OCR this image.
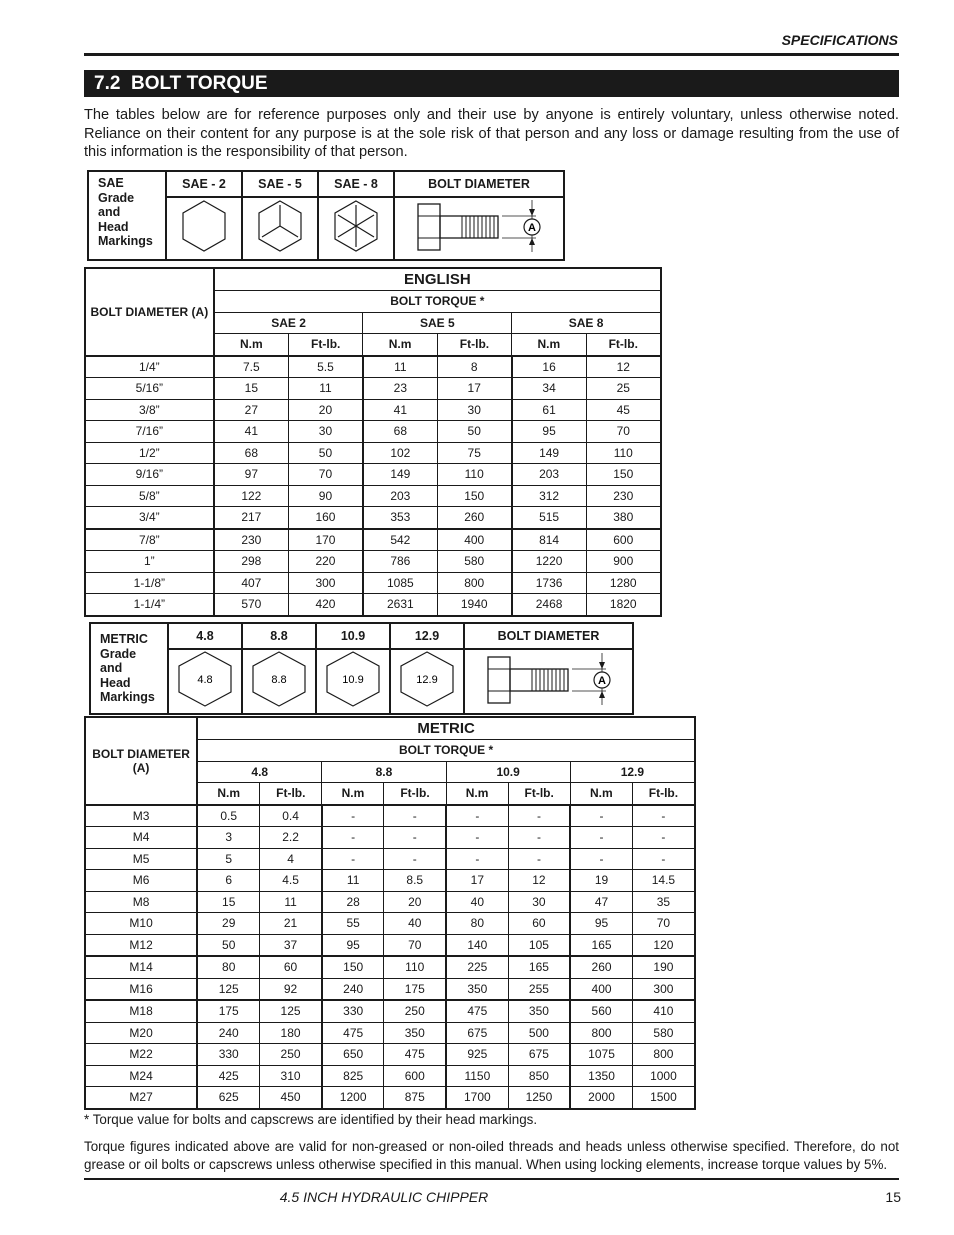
SPECIFICATIONS
7.2 BOLT TORQUE
The tables below are for reference purposes only and their use by anyone is entirely voluntary, unless otherwise noted. Reliance on their content for any purpose is at the sole risk of that person and any loss or damage resulting from the use of this information is the responsibility of that person.
SAE
Grade
and
Head
Markings	SAE - 2	SAE - 5	SAE - 8	BOLT DIAMETER

A
BOLT DIAMETER (A)	ENGLISH					
	BOLT TORQUE *					
	SAE 2		SAE 5		SAE 8	
	N.m	Ft-lb.	N.m	Ft-lb.	N.m	Ft-lb.
1/4”	7.5	5.5	11	8	16	12
5/16”	15	11	23	17	34	25
3/8”	27	20	41	30	61	45
7/16”	41	30	68	50	95	70
1/2”	68	50	102	75	149	110
9/16”	97	70	149	110	203	150
5/8”	122	90	203	150	312	230
3/4”	217	160	353	260	515	380
7/8”	230	170	542	400	814	600
1”	298	220	786	580	1220	900
1-1/8”	407	300	1085	800	1736	1280
1-1/4”	570	420	2631	1940	2468	1820
METRIC
Grade
and
Head
Markings	4.8	8.8	10.9	12.9	BOLT DIAMETER

4.8	8.8	10.9	12.9	A
BOLT DIAMETER (A)	METRIC							
	BOLT TORQUE *							
	4.8		8.8		10.9		12.9	
	N.m	Ft-lb.	N.m	Ft-lb.	N.m	Ft-lb.	N.m	Ft-lb.
M3	0.5	0.4	-	-	-	-	-	-
M4	3	2.2	-	-	-	-	-	-
M5	5	4	-	-	-	-	-	-
M6	6	4.5	11	8.5	17	12	19	14.5
M8	15	11	28	20	40	30	47	35
M10	29	21	55	40	80	60	95	70
M12	50	37	95	70	140	105	165	120
M14	80	60	150	110	225	165	260	190
M16	125	92	240	175	350	255	400	300
M18	175	125	330	250	475	350	560	410
M20	240	180	475	350	675	500	800	580
M22	330	250	650	475	925	675	1075	800
M24	425	310	825	600	1150	850	1350	1000
M27	625	450	1200	875	1700	1250	2000	1500
* Torque value for bolts and capscrews are identified by their head markings.
Torque figures indicated above are valid for non-greased or non-oiled threads and heads unless otherwise specified. Therefore, do not grease or oil bolts or capscrews unless otherwise specified in this manual. When using locking elements, increase torque values by 5%.
4.5 INCH HYDRAULIC CHIPPER	15
